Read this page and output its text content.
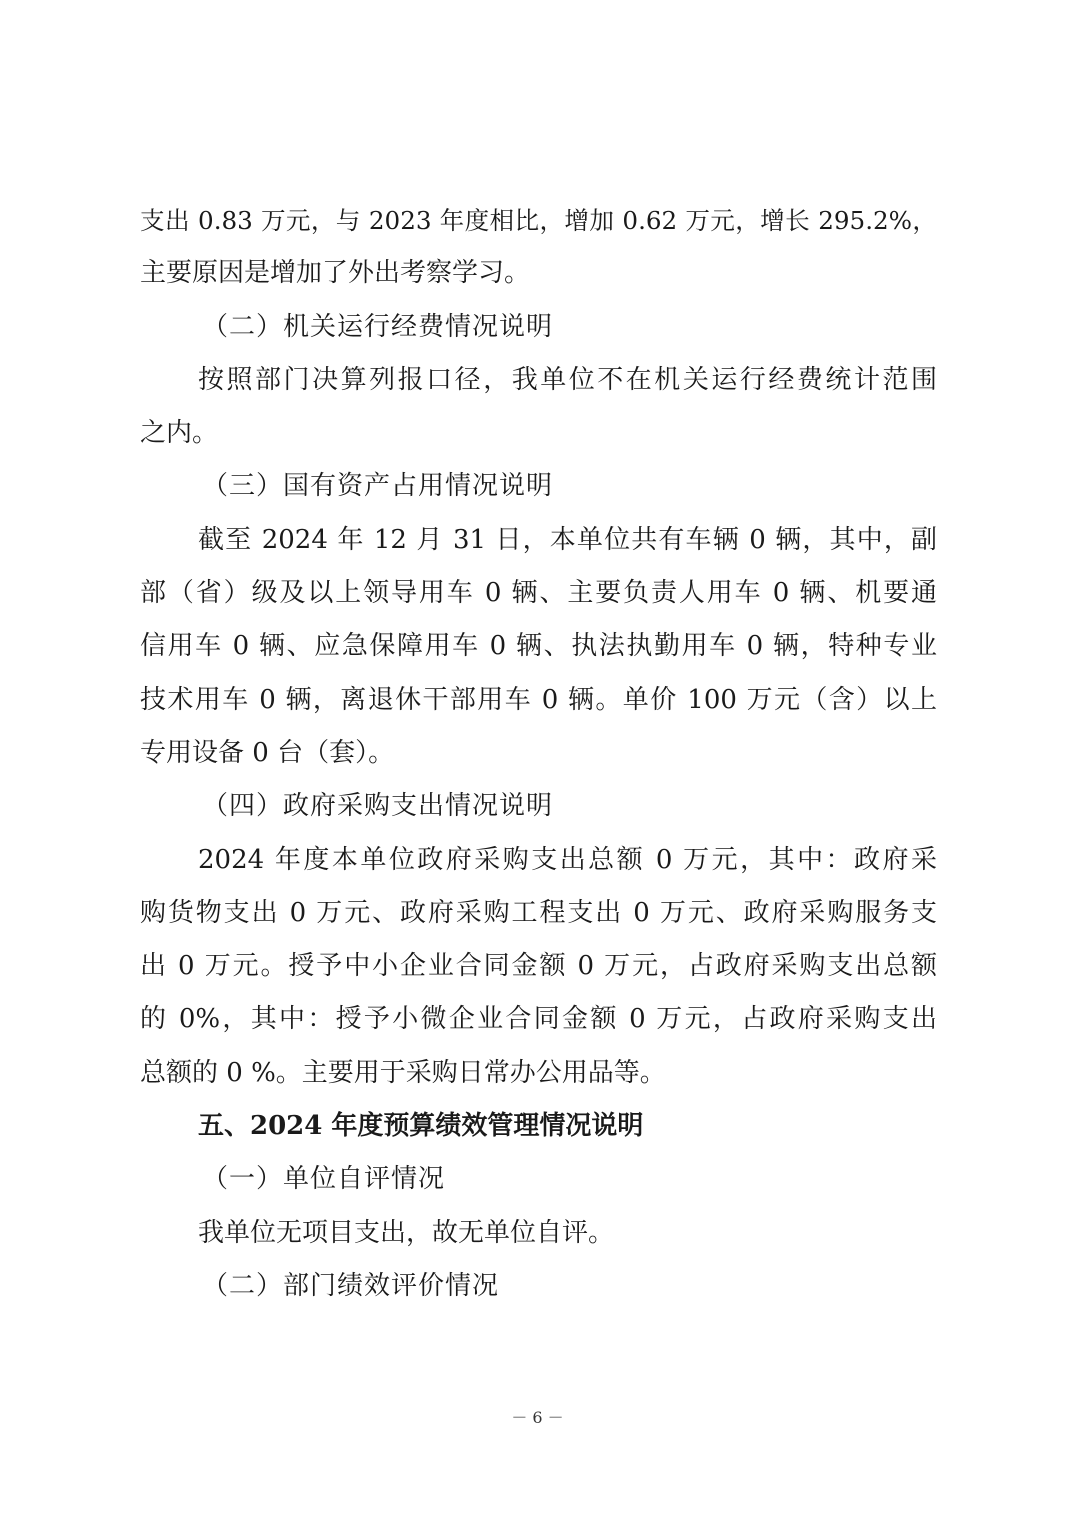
支出 0.83 万元，与 2023 年度相比，增加 0.62 万元，增长 295.2%，
主要原因是增加了外出考察学习。
（二）机关运行经费情况说明
按照部门决算列报口径，我单位不在机关运行经费统计范围
之内。
（三）国有资产占用情况说明
截至 2024 年 12 月 31 日，本单位共有车辆 0 辆，其中，副
部（省）级及以上领导用车 0 辆、主要负责人用车 0 辆、机要通
信用车 0 辆、应急保障用车 0 辆、执法执勤用车 0 辆，特种专业
技术用车 0 辆，离退休干部用车 0 辆。单价 100 万元（含）以上
专用设备 0 台（套）。
（四）政府采购支出情况说明
2024 年度本单位政府采购支出总额 0 万元，其中：政府采
购货物支出 0 万元、政府采购工程支出 0 万元、政府采购服务支
出 0 万元。授予中小企业合同金额 0 万元，占政府采购支出总额
的 0%，其中：授予小微企业合同金额 0 万元，占政府采购支出
总额的 0 %。主要用于采购日常办公用品等。
五、2024 年度预算绩效管理情况说明
（一）单位自评情况
我单位无项目支出，故无单位自评。
（二）部门绩效评价情况
－ 6 －
